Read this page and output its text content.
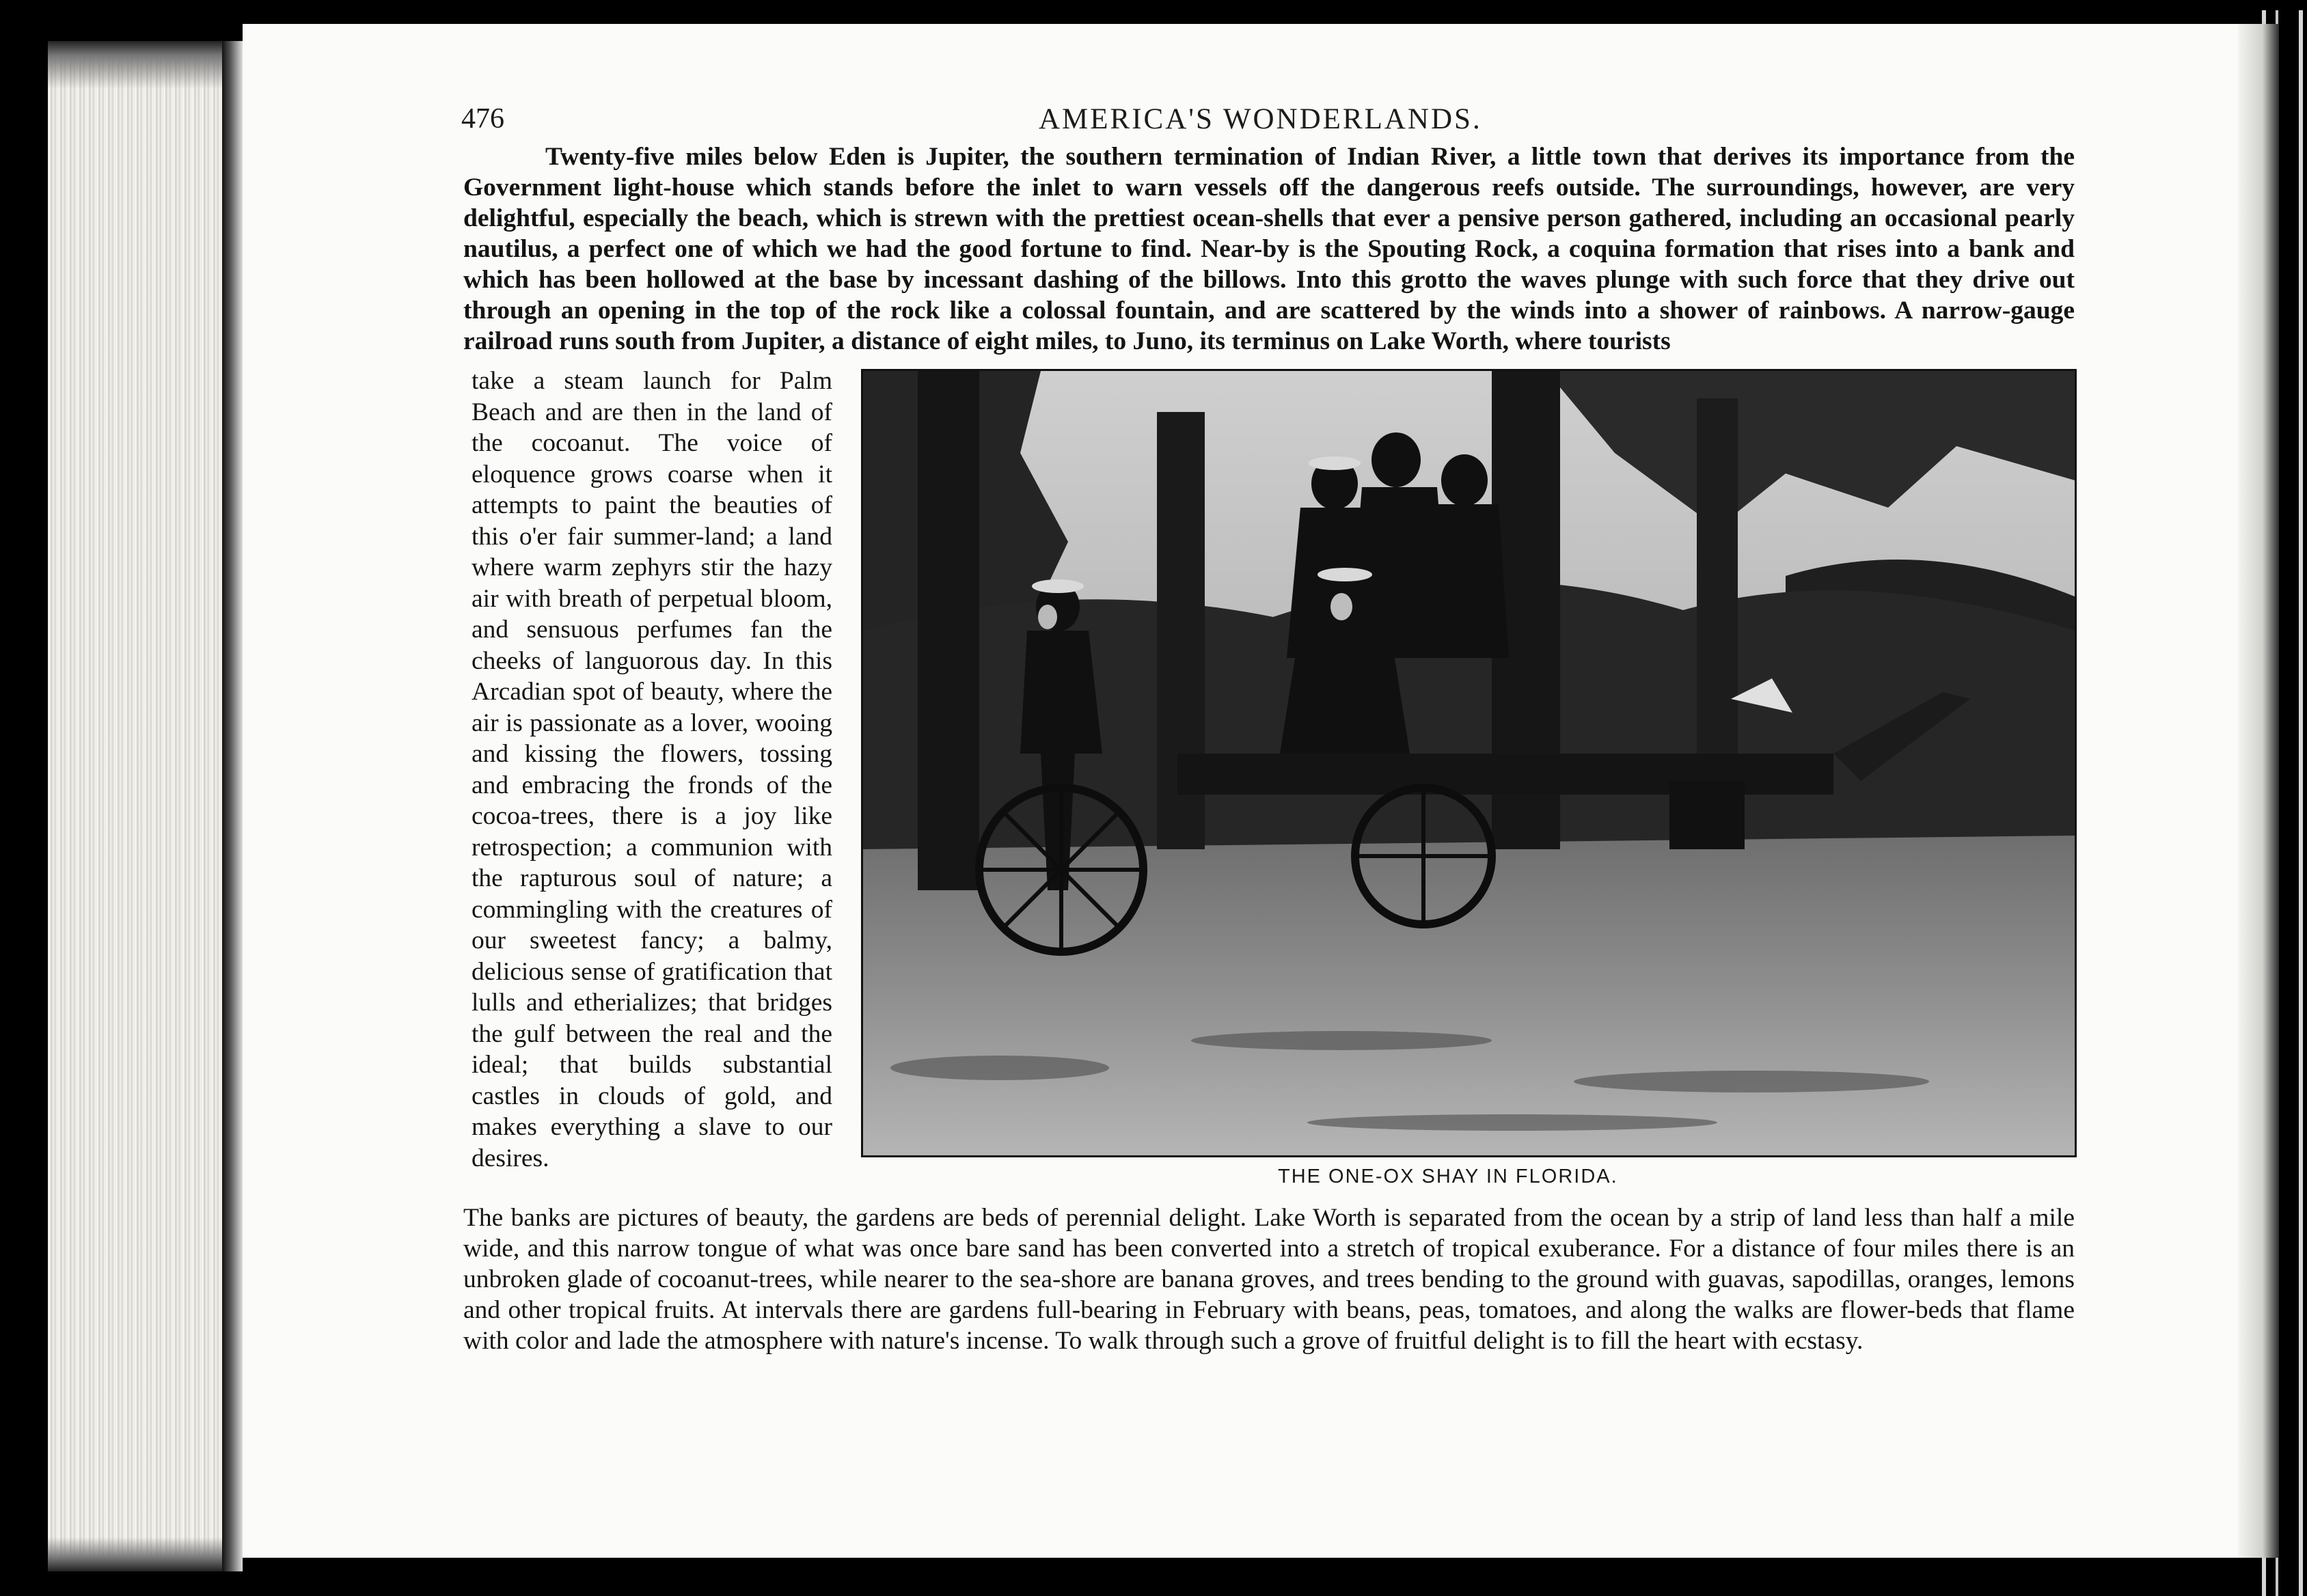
476	AMERICA'S WONDERLANDS.

Twenty-five miles below Eden is Jupiter, the southern termination of Indian River, a little town that derives its importance from the Government light-house which stands before the inlet to warn vessels off the dangerous reefs outside. The surroundings, however, are very delightful, especially the beach, which is strewn with the prettiest ocean-shells that ever a pensive person gathered, including an occasional pearly nautilus, a perfect one of which we had the good fortune to find. Near-by is the Spouting Rock, a coquina formation that rises into a bank and which has been hollowed at the base by incessant dashing of the billows. Into this grotto the waves plunge with such force that they drive out through an opening in the top of the rock like a colossal fountain, and are scattered by the winds into a shower of rainbows. A narrow-gauge railroad runs south from Jupiter, a distance of eight miles, to Juno, its terminus on Lake Worth, where tourists

take a steam launch for Palm Beach and are then in the land of the cocoanut. The voice of eloquence grows coarse when it attempts to paint the beauties of this o'er fair summer-land; a land where warm zephyrs stir the hazy air with breath of perpetual bloom, and sensuous perfumes fan the cheeks of languorous day. In this Arcadian spot of beauty, where the air is passionate as a lover, wooing and kissing the flowers, tossing and embracing the fronds of the cocoa-trees, there is a joy like retrospection; a communion with the rapturous soul of nature; a commingling with the creatures of our sweetest fancy; a balmy, delicious sense of gratification that lulls and etherializes; that bridges the gulf between the real and the ideal; that builds substantial castles in clouds of gold, and makes everything a slave to our desires.

THE ONE-OX SHAY IN FLORIDA.

The banks are pictures of beauty, the gardens are beds of perennial delight. Lake Worth is separated from the ocean by a strip of land less than half a mile wide, and this narrow tongue of what was once bare sand has been converted into a stretch of tropical exuberance. For a distance of four miles there is an unbroken glade of cocoanut-trees, while nearer to the sea-shore are banana groves, and trees bending to the ground with guavas, sapodillas, oranges, lemons and other tropical fruits. At intervals there are gardens full-bearing in February with beans, peas, tomatoes, and along the walks are flower-beds that flame with color and lade the atmosphere with nature's incense. To walk through such a grove of fruitful delight is to fill the heart with ecstasy.
